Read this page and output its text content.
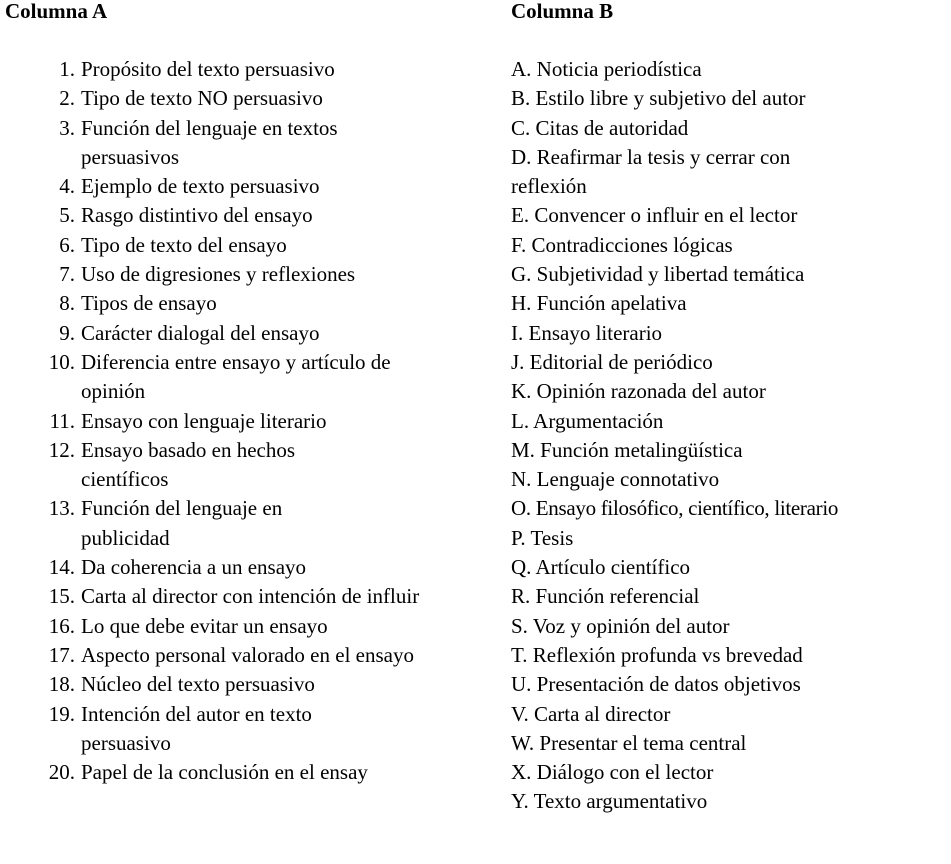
Columna A	Columna B
1. Propósito del texto persuasivo
2. Tipo de texto NO persuasivo
3. Función del lenguaje en textos persuasivos
4. Ejemplo de texto persuasivo
5. Rasgo distintivo del ensayo
6. Tipo de texto del ensayo
7. Uso de digresiones y reflexiones
8. Tipos de ensayo
9. Carácter dialogal del ensayo
10. Diferencia entre ensayo y artículo de opinión
11. Ensayo con lenguaje literario
12. Ensayo basado en hechos científicos
13. Función del lenguaje en publicidad
14. Da coherencia a un ensayo
15. Carta al director con intención de influir
16. Lo que debe evitar un ensayo
17. Aspecto personal valorado en el ensayo
18. Núcleo del texto persuasivo
19. Intención del autor en texto persuasivo
20. Papel de la conclusión en el ensay
A. Noticia periodística
B. Estilo libre y subjetivo del autor
C. Citas de autoridad
D. Reafirmar la tesis y cerrar con reflexión
E. Convencer o influir en el lector
F. Contradicciones lógicas
G. Subjetividad y libertad temática
H. Función apelativa
I. Ensayo literario
J. Editorial de periódico
K. Opinión razonada del autor
L. Argumentación
M. Función metalingüística
N. Lenguaje connotativo
O. Ensayo filosófico, científico, literario
P. Tesis
Q. Artículo científico
R. Función referencial
S. Voz y opinión del autor
T. Reflexión profunda vs brevedad
U. Presentación de datos objetivos
V. Carta al director
W. Presentar el tema central
X. Diálogo con el lector
Y. Texto argumentativo
